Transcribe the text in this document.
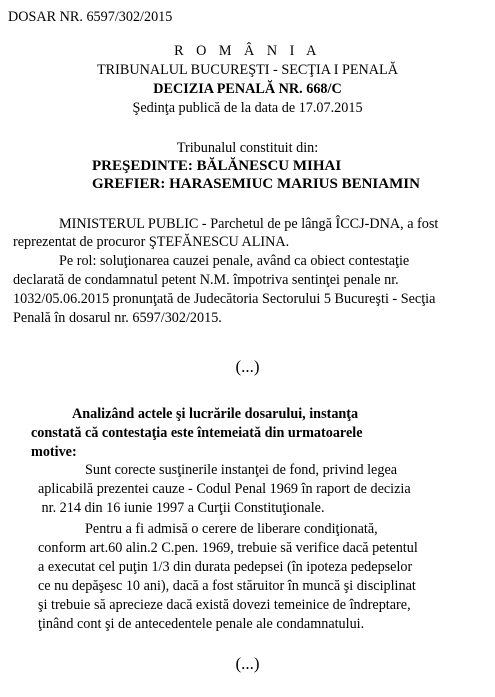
DOSAR NR. 6597/302/2015
R O M Â N I A
TRIBUNALUL BUCUREŞTI - SECŢIA I PENALĂ
DECIZIA PENALĂ NR. 668/C
Şedinţa publică de la data de 17.07.2015
Tribunalul constituit din:
PREŞEDINTE: BĂLĂNESCU MIHAI
GREFIER: HARASEMIUC MARIUS BENIAMIN
MINISTERUL PUBLIC - Parchetul de pe lângă ÎCCJ-DNA, a fost
reprezentat de procuror ŞTEFĂNESCU ALINA.
Pe rol: soluţionarea cauzei penale, având ca obiect contestaţie
declarată de condamnatul petent N.M. împotriva sentinţei penale nr.
1032/05.06.2015 pronunţată de Judecătoria Sectorului 5 Bucureşti - Secţia
Penală în dosarul nr. 6597/302/2015.
(...)
Analizând actele şi lucrările dosarului, instanţa
constată că contestaţia este întemeiată din urmatoarele
motive:
Sunt corecte susţinerile instanţei de fond, privind legea
aplicabilă prezentei cauze - Codul Penal 1969 în raport de decizia
nr. 214 din 16 iunie 1997 a Curţii Constituţionale.
Pentru a fi admisă o cerere de liberare condiţionată,
conform art.60 alin.2 C.pen. 1969, trebuie să verifice dacă petentul
a executat cel puţin 1/3 din durata pedepsei (în ipoteza pedepselor
ce nu depăşesc 10 ani), dacă a fost stăruitor în muncă şi disciplinat
şi trebuie să aprecieze dacă există dovezi temeinice de îndreptare,
ţinând cont şi de antecedentele penale ale condamnatului.
(...)
